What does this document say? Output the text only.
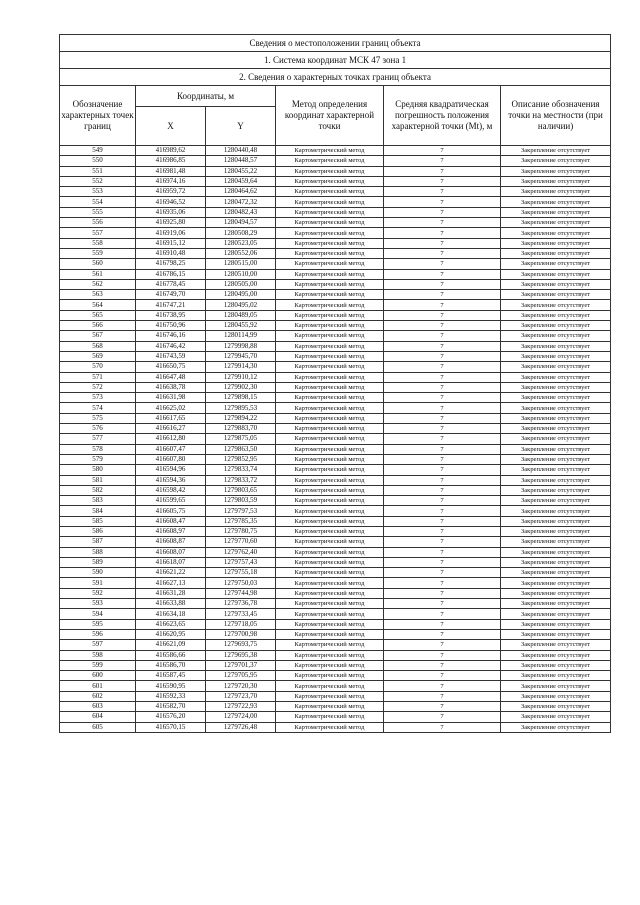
Сведения о местоположении границ объекта					
1. Система координат МСК 47 зона 1					
2. Сведения о характерных точках границ объекта					
Обозначение характерных точек границ	Координаты, м		Метод определения координат характерной точки	Средняя квадратическая погрешность положения характерной точки (Mt), м	Описание обозначения точки на местности (при наличии)
	X	Y			
549	416989,62	1280440,48	Картометрический метод	7	Закрепление отсутствует
550	416986,85	1280448,57	Картометрический метод	7	Закрепление отсутствует
551	416981,48	1280455,22	Картометрический метод	7	Закрепление отсутствует
552	416974,16	1280459,64	Картометрический метод	7	Закрепление отсутствует
553	416959,72	1280464,62	Картометрический метод	7	Закрепление отсутствует
554	416946,52	1280472,32	Картометрический метод	7	Закрепление отсутствует
555	416935,06	1280482,43	Картометрический метод	7	Закрепление отсутствует
556	416925,80	1280494,57	Картометрический метод	7	Закрепление отсутствует
557	416919,06	1280508,29	Картометрический метод	7	Закрепление отсутствует
558	416915,12	1280523,05	Картометрический метод	7	Закрепление отсутствует
559	416910,48	1280552,06	Картометрический метод	7	Закрепление отсутствует
560	416798,25	1280515,00	Картометрический метод	7	Закрепление отсутствует
561	416786,15	1280510,00	Картометрический метод	7	Закрепление отсутствует
562	416778,45	1280505,00	Картометрический метод	7	Закрепление отсутствует
563	416749,70	1280495,00	Картометрический метод	7	Закрепление отсутствует
564	416747,21	1280495,02	Картометрический метод	7	Закрепление отсутствует
565	416738,95	1280489,05	Картометрический метод	7	Закрепление отсутствует
566	416750,96	1280455,92	Картометрический метод	7	Закрепление отсутствует
567	416746,16	1280114,99	Картометрический метод	7	Закрепление отсутствует
568	416746,42	1279998,88	Картометрический метод	7	Закрепление отсутствует
569	416743,59	1279945,70	Картометрический метод	7	Закрепление отсутствует
570	416650,75	1279914,30	Картометрический метод	7	Закрепление отсутствует
571	416647,48	1279910,12	Картометрический метод	7	Закрепление отсутствует
572	416638,78	1279902,30	Картометрический метод	7	Закрепление отсутствует
573	416631,98	1279898,15	Картометрический метод	7	Закрепление отсутствует
574	416625,02	1279895,53	Картометрический метод	7	Закрепление отсутствует
575	416617,65	1279894,22	Картометрический метод	7	Закрепление отсутствует
576	416616,27	1279883,70	Картометрический метод	7	Закрепление отсутствует
577	416612,80	1279875,05	Картометрический метод	7	Закрепление отсутствует
578	416607,47	1279863,50	Картометрический метод	7	Закрепление отсутствует
579	416607,80	1279852,95	Картометрический метод	7	Закрепление отсутствует
580	416594,96	1279833,74	Картометрический метод	7	Закрепление отсутствует
581	416594,36	1279833,72	Картометрический метод	7	Закрепление отсутствует
582	416598,42	1279803,65	Картометрический метод	7	Закрепление отсутствует
583	416599,65	1279803,59	Картометрический метод	7	Закрепление отсутствует
584	416605,75	1279797,53	Картометрический метод	7	Закрепление отсутствует
585	416608,47	1279785,35	Картометрический метод	7	Закрепление отсутствует
586	416608,97	1279780,75	Картометрический метод	7	Закрепление отсутствует
587	416608,87	1279770,60	Картометрический метод	7	Закрепление отсутствует
588	416608,07	1279762,40	Картометрический метод	7	Закрепление отсутствует
589	416618,07	1279757,43	Картометрический метод	7	Закрепление отсутствует
590	416621,22	1279755,18	Картометрический метод	7	Закрепление отсутствует
591	416627,13	1279750,03	Картометрический метод	7	Закрепление отсутствует
592	416631,28	1279744,98	Картометрический метод	7	Закрепление отсутствует
593	416633,88	1279736,78	Картометрический метод	7	Закрепление отсутствует
594	416634,18	1279733,45	Картометрический метод	7	Закрепление отсутствует
595	416623,65	1279718,05	Картометрический метод	7	Закрепление отсутствует
596	416620,95	1279700,98	Картометрический метод	7	Закрепление отсутствует
597	416621,09	1279693,75	Картометрический метод	7	Закрепление отсутствует
598	416586,66	1279695,38	Картометрический метод	7	Закрепление отсутствует
599	416586,70	1279701,37	Картометрический метод	7	Закрепление отсутствует
600	416587,45	1279705,95	Картометрический метод	7	Закрепление отсутствует
601	416590,95	1279720,30	Картометрический метод	7	Закрепление отсутствует
602	416592,33	1279723,70	Картометрический метод	7	Закрепление отсутствует
603	416582,70	1279722,93	Картометрический метод	7	Закрепление отсутствует
604	416576,20	1279724,00	Картометрический метод	7	Закрепление отсутствует
605	416570,15	1279726,48	Картометрический метод	7	Закрепление отсутствует
